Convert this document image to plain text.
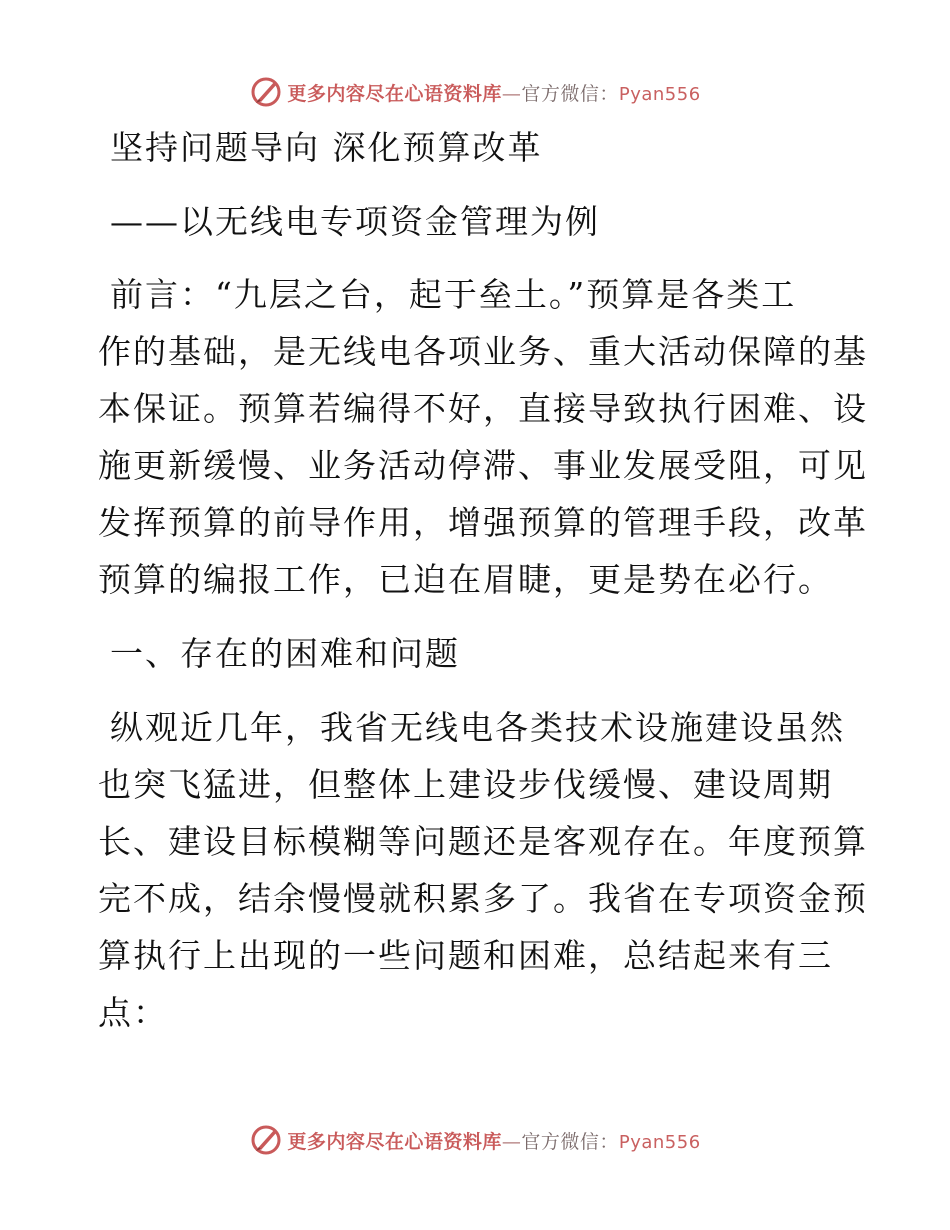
更多内容尽在心语资料库—官方微信：Pyan556
坚持问题导向 深化预算改革
——以无线电专项资金管理为例
前言：“九层之台，起于垒土。”预算是各类工
作的基础，是无线电各项业务、重大活动保障的基
本保证。预算若编得不好，直接导致执行困难、设
施更新缓慢、业务活动停滞、事业发展受阻，可见
发挥预算的前导作用，增强预算的管理手段，改革
预算的编报工作，已迫在眉睫，更是势在必行。
一、存在的困难和问题
纵观近几年，我省无线电各类技术设施建设虽然
也突飞猛进，但整体上建设步伐缓慢、建设周期
长、建设目标模糊等问题还是客观存在。年度预算
完不成，结余慢慢就积累多了。我省在专项资金预
算执行上出现的一些问题和困难，总结起来有三
点：
更多内容尽在心语资料库—官方微信：Pyan556
